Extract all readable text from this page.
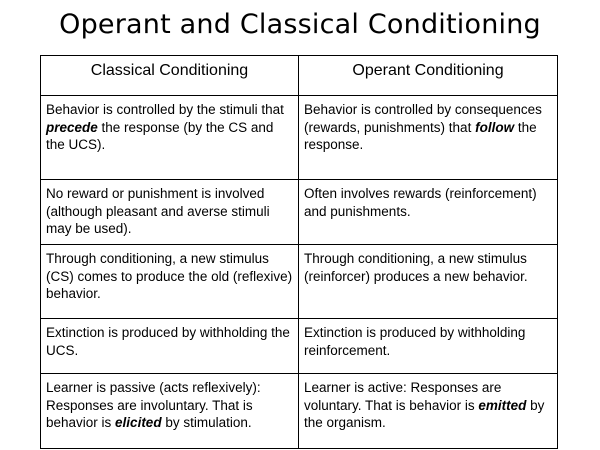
Operant and Classical Conditioning
Classical Conditioning	Operant Conditioning
Behavior is controlled by the stimuli that precede the response (by the CS and the UCS).	Behavior is controlled by consequences (rewards, punishments) that follow the response.
No reward or punishment is involved (although pleasant and averse stimuli may be used).	Often involves rewards (reinforcement) and punishments.
Through conditioning, a new stimulus (CS) comes to produce the old (reflexive) behavior.	Through conditioning, a new stimulus (reinforcer) produces a new behavior.
Extinction is produced by withholding the UCS.	Extinction is produced by withholding reinforcement.
Learner is passive (acts reflexively): Responses are involuntary. That is behavior is elicited by stimulation.	Learner is active: Responses are voluntary. That is behavior is emitted by the organism.
